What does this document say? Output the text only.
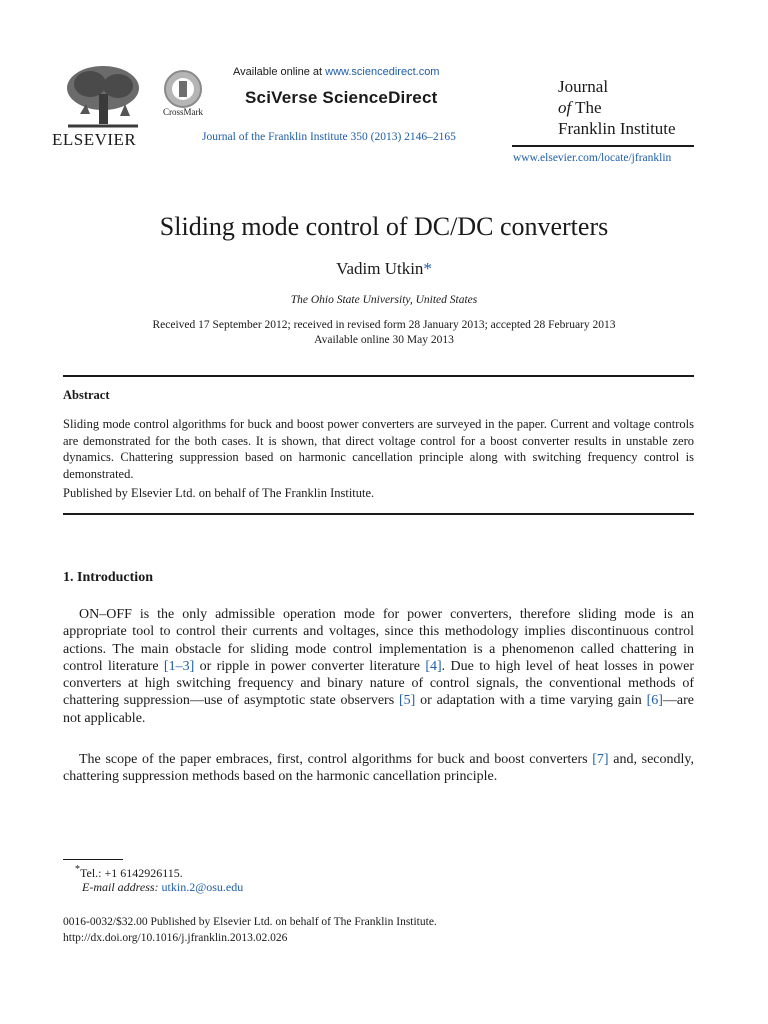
ELSEVIER
CrossMark
Available online at www.sciencedirect.com
SciVerse ScienceDirect
Journal of the Franklin Institute 350 (2013) 2146–2165
Journal
of The
Franklin Institute
www.elsevier.com/locate/jfranklin
Sliding mode control of DC/DC converters
Vadim Utkin*
The Ohio State University, United States
Received 17 September 2012; received in revised form 28 January 2013; accepted 28 February 2013
Available online 30 May 2013
Abstract
Sliding mode control algorithms for buck and boost power converters are surveyed in the paper. Current and voltage controls are demonstrated for the both cases. It is shown, that direct voltage control for a boost converter results in unstable zero dynamics. Chattering suppression based on harmonic cancellation principle along with switching frequency control is demonstrated.
Published by Elsevier Ltd. on behalf of The Franklin Institute.
1. Introduction
ON–OFF is the only admissible operation mode for power converters, therefore sliding mode is an appropriate tool to control their currents and voltages, since this methodology implies discontinuous control actions. The main obstacle for sliding mode control implementation is a phenomenon called chattering in control literature [1–3] or ripple in power converter literature [4]. Due to high level of heat losses in power converters at high switching frequency and binary nature of control signals, the conventional methods of chattering suppression—use of asymptotic state observers [5] or adaptation with a time varying gain [6]—are not applicable.
The scope of the paper embraces, first, control algorithms for buck and boost converters [7] and, secondly, chattering suppression methods based on the harmonic cancellation principle.
*Tel.: +1 6142926115.
E-mail address: utkin.2@osu.edu
0016-0032/$32.00 Published by Elsevier Ltd. on behalf of The Franklin Institute.
http://dx.doi.org/10.1016/j.jfranklin.2013.02.026
